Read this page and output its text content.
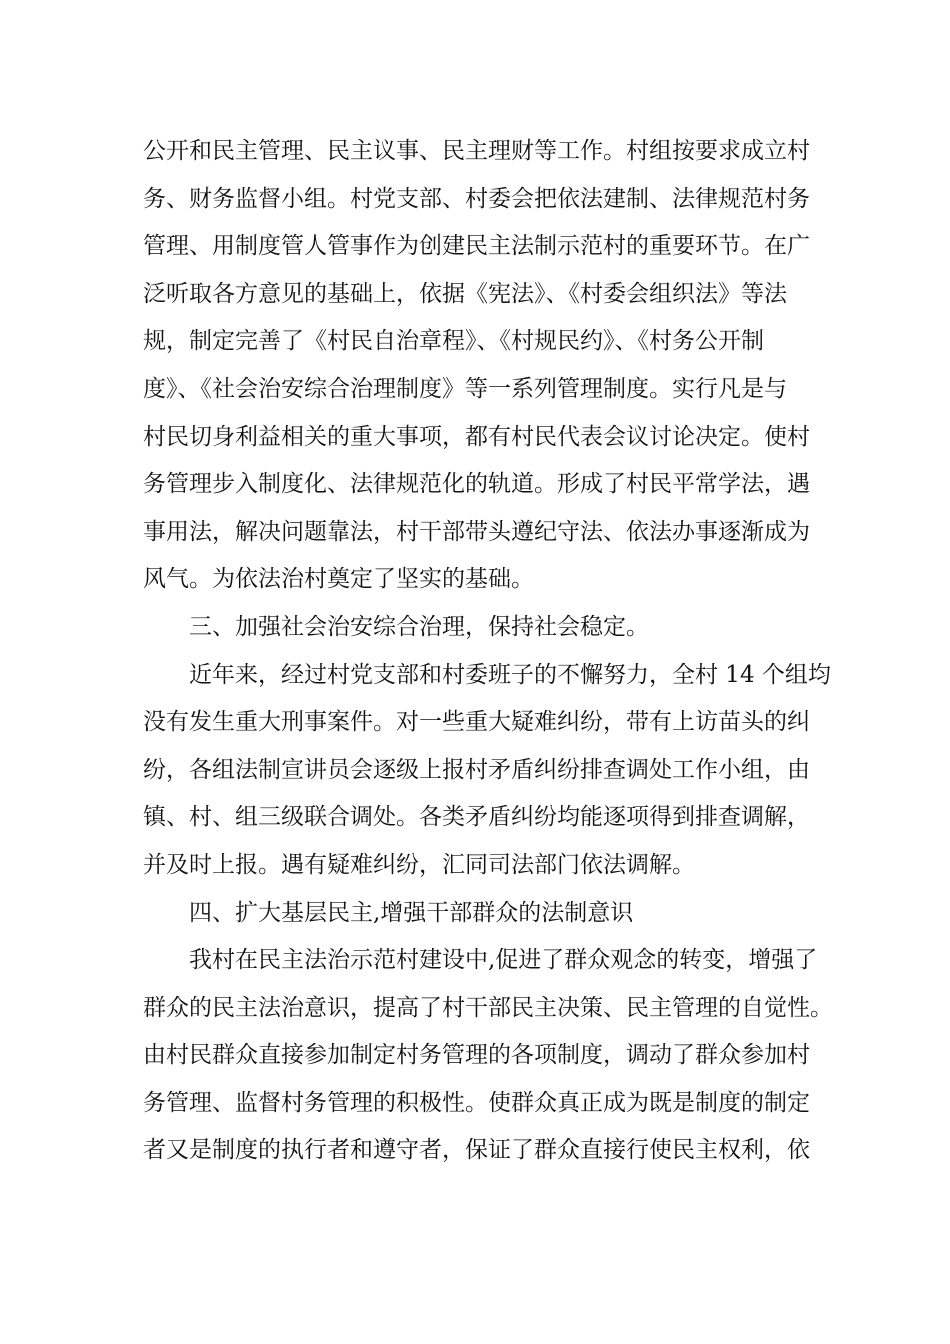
公开和民主管理、民主议事、民主理财等工作。村组按要求成立村
务、财务监督小组。村党支部、村委会把依法建制、法律规范村务
管理、用制度管人管事作为创建民主法制示范村的重要环节。在广
泛听取各方意见的基础上，依据《宪法》、《村委会组织法》等法
规，制定完善了《村民自治章程》、《村规民约》、《村务公开制
度》、《社会治安综合治理制度》等一系列管理制度。实行凡是与
村民切身利益相关的重大事项，都有村民代表会议讨论决定。使村
务管理步入制度化、法律规范化的轨道。形成了村民平常学法，遇
事用法，解决问题靠法，村干部带头遵纪守法、依法办事逐渐成为
风气。为依法治村奠定了坚实的基础。
三、加强社会治安综合治理，保持社会稳定。
近年来，经过村党支部和村委班子的不懈努力，全村 14 个组均
没有发生重大刑事案件。对一些重大疑难纠纷，带有上访苗头的纠
纷，各组法制宣讲员会逐级上报村矛盾纠纷排查调处工作小组，由
镇、村、组三级联合调处。各类矛盾纠纷均能逐项得到排查调解，
并及时上报。遇有疑难纠纷，汇同司法部门依法调解。
四、扩大基层民主,增强干部群众的法制意识
我村在民主法治示范村建设中,促进了群众观念的转变，增强了
群众的民主法治意识，提高了村干部民主决策、民主管理的自觉性。
由村民群众直接参加制定村务管理的各项制度，调动了群众参加村
务管理、监督村务管理的积极性。使群众真正成为既是制度的制定
者又是制度的执行者和遵守者，保证了群众直接行使民主权利，依
